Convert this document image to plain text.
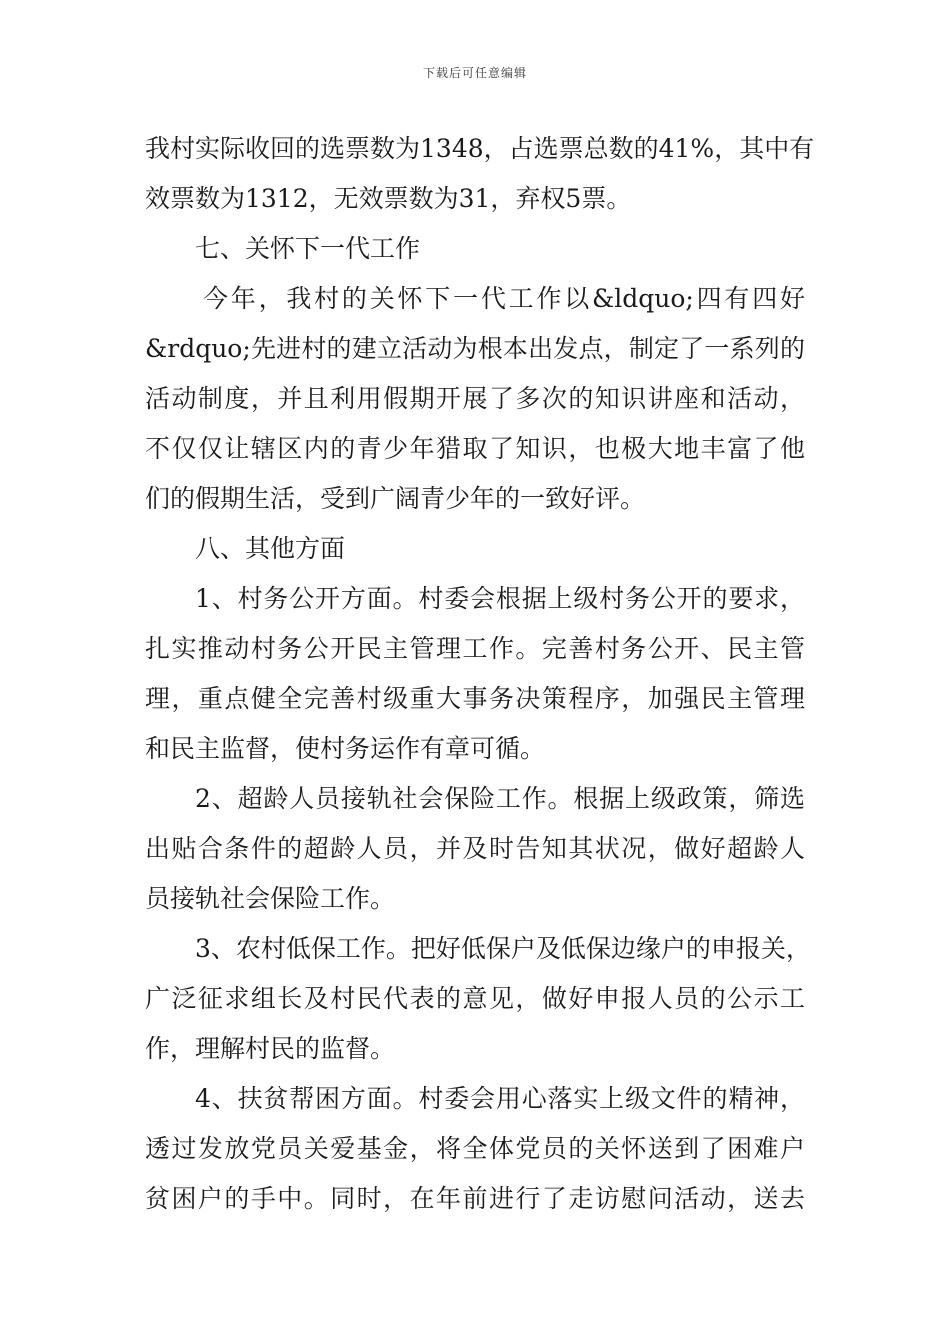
下载后可任意编辑
我村实际收回的选票数为1348，占选票总数的41%，其中有
效票数为1312，无效票数为31，弃权5票。
七、关怀下一代工作
今年，我村的关怀下一代工作以&ldquo;四有四好
&rdquo;先进村的建立活动为根本出发点，制定了一系列的
活动制度，并且利用假期开展了多次的知识讲座和活动，
不仅仅让辖区内的青少年猎取了知识，也极大地丰富了他
们的假期生活，受到广阔青少年的一致好评。
八、其他方面
1、村务公开方面。村委会根据上级村务公开的要求，
扎实推动村务公开民主管理工作。完善村务公开、民主管
理，重点健全完善村级重大事务决策程序，加强民主管理
和民主监督，使村务运作有章可循。
2、超龄人员接轨社会保险工作。根据上级政策，筛选
出贴合条件的超龄人员，并及时告知其状况，做好超龄人
员接轨社会保险工作。
3、农村低保工作。把好低保户及低保边缘户的申报关，
广泛征求组长及村民代表的意见，做好申报人员的公示工
作，理解村民的监督。
4、扶贫帮困方面。村委会用心落实上级文件的精神，
透过发放党员关爱基金，将全体党员的关怀送到了困难户
贫困户的手中。同时，在年前进行了走访慰问活动，送去
